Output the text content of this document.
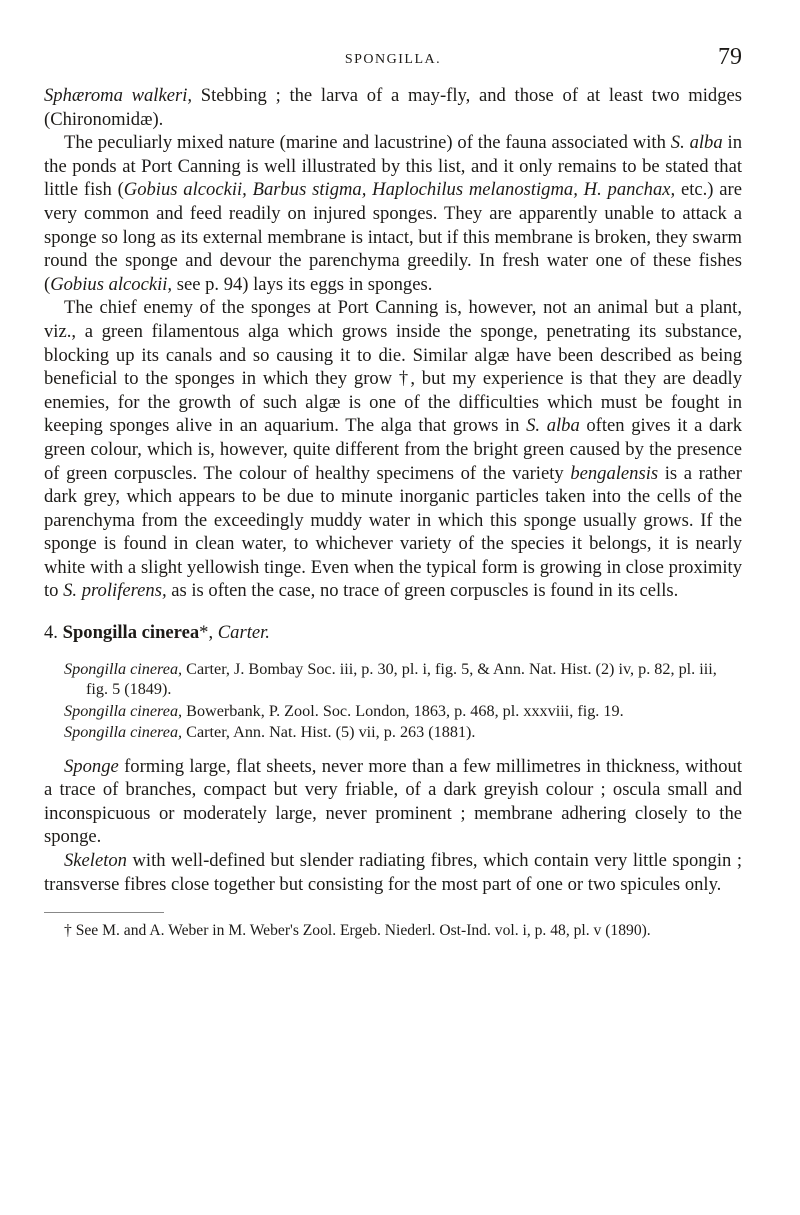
SPONGILLA.	79

Sphæroma walkeri, Stebbing ; the larva of a may-fly, and those of at least two midges (Chironomidæ).

The peculiarly mixed nature (marine and lacustrine) of the fauna associated with S. alba in the ponds at Port Canning is well illustrated by this list, and it only remains to be stated that little fish (Gobius alcockii, Barbus stigma, Haplochilus melanostigma, H. panchax, etc.) are very common and feed readily on injured sponges. They are apparently unable to attack a sponge so long as its external membrane is intact, but if this membrane is broken, they swarm round the sponge and devour the parenchyma greedily. In fresh water one of these fishes (Gobius alcockii, see p. 94) lays its eggs in sponges.

The chief enemy of the sponges at Port Canning is, however, not an animal but a plant, viz., a green filamentous alga which grows inside the sponge, penetrating its substance, blocking up its canals and so causing it to die. Similar algæ have been described as being beneficial to the sponges in which they grow †, but my experience is that they are deadly enemies, for the growth of such algæ is one of the difficulties which must be fought in keeping sponges alive in an aquarium. The alga that grows in S. alba often gives it a dark green colour, which is, however, quite different from the bright green caused by the presence of green corpuscles. The colour of healthy specimens of the variety bengalensis is a rather dark grey, which appears to be due to minute inorganic particles taken into the cells of the parenchyma from the exceedingly muddy water in which this sponge usually grows. If the sponge is found in clean water, to whichever variety of the species it belongs, it is nearly white with a slight yellowish tinge. Even when the typical form is growing in close proximity to S. proliferens, as is often the case, no trace of green corpuscles is found in its cells.

4. Spongilla cinerea*, Carter.
Spongilla cinerea, Carter, J. Bombay Soc. iii, p. 30, pl. i, fig. 5, & Ann. Nat. Hist. (2) iv, p. 82, pl. iii, fig. 5 (1849).
Spongilla cinerea, Bowerbank, P. Zool. Soc. London, 1863, p. 468, pl. xxxviii, fig. 19.
Spongilla cinerea, Carter, Ann. Nat. Hist. (5) vii, p. 263 (1881).

Sponge forming large, flat sheets, never more than a few millimetres in thickness, without a trace of branches, compact but very friable, of a dark greyish colour ; oscula small and inconspicuous or moderately large, never prominent ; membrane adhering closely to the sponge.

Skeleton with well-defined but slender radiating fibres, which contain very little spongin ; transverse fibres close together but consisting for the most part of one or two spicules only.

† See M. and A. Weber in M. Weber's Zool. Ergeb. Niederl. Ost-Ind. vol. i, p. 48, pl. v (1890).
